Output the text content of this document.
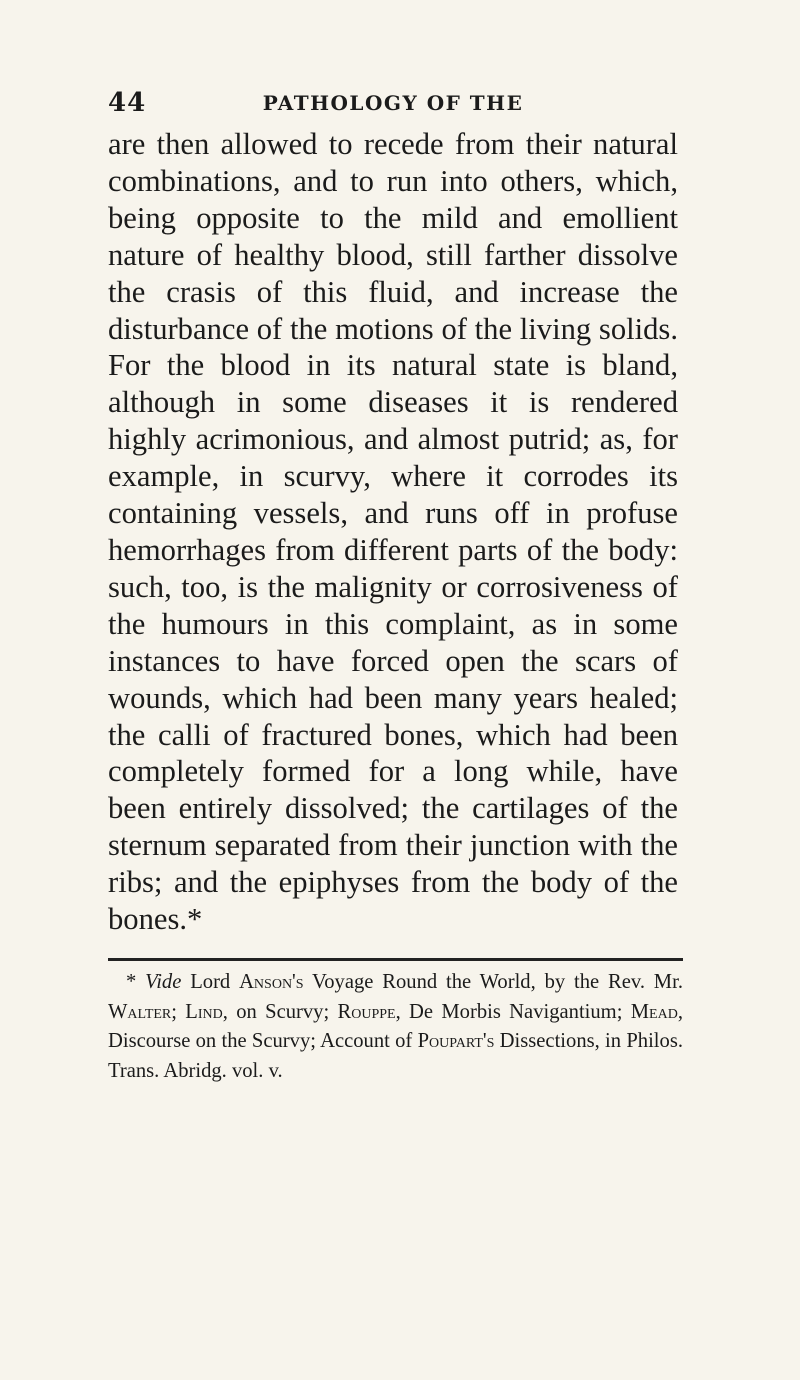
44	PATHOLOGY OF THE

are then allowed to recede from their natural combinations, and to run into others, which, being opposite to the mild and emollient nature of healthy blood, still farther dissolve the crasis of this fluid, and increase the disturbance of the motions of the living solids. For the blood in its natural state is bland, although in some diseases it is rendered highly acrimonious, and almost putrid; as, for example, in scurvy, where it corrodes its containing vessels, and runs off in profuse hemorrhages from different parts of the body: such, too, is the malignity or corrosiveness of the humours in this complaint, as in some instances to have forced open the scars of wounds, which had been many years healed; the calli of fractured bones, which had been completely formed for a long while, have been entirely dissolved; the cartilages of the sternum separated from their junction with the ribs; and the epiphyses from the body of the bones.*

* Vide Lord Anson's Voyage Round the World, by the Rev. Mr. Walter; Lind, on Scurvy; Rouppe, De Morbis Navigantium; Mead, Discourse on the Scurvy; Account of Poupart's Dissections, in Philos. Trans. Abridg. vol. v.
